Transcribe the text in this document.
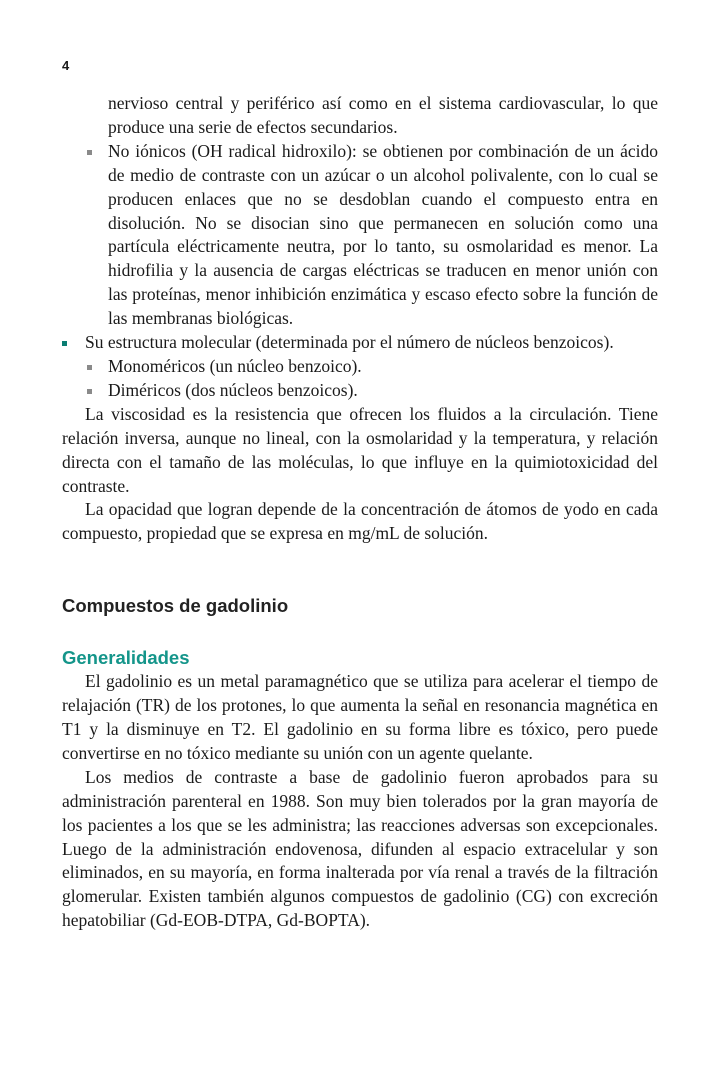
4

nervioso central y periférico así como en el sistema cardiovascular, lo que produce una serie de efectos secundarios.

No iónicos (OH radical hidroxilo): se obtienen por combinación de un ácido de medio de contraste con un azúcar o un alcohol polivalente, con lo cual se producen enlaces que no se desdoblan cuando el compuesto entra en disolución. No se disocian sino que permanecen en solución como una partícula eléctricamente neutra, por lo tanto, su osmolaridad es menor. La hidrofilia y la ausencia de cargas eléctricas se traducen en menor unión con las proteínas, menor inhibición enzimática y escaso efecto sobre la función de las membranas biológicas.
Su estructura molecular (determinada por el número de núcleos benzoicos).
Monoméricos (un núcleo benzoico).
Diméricos (dos núcleos benzoicos).

La viscosidad es la resistencia que ofrecen los fluidos a la circulación. Tiene relación inversa, aunque no lineal, con la osmolaridad y la temperatura, y relación directa con el tamaño de las moléculas, lo que influye en la quimiotoxicidad del contraste.

La opacidad que logran depende de la concentración de átomos de yodo en cada compuesto, propiedad que se expresa en mg/mL de solución.

Compuestos de gadolinio
Generalidades

El gadolinio es un metal paramagnético que se utiliza para acelerar el tiempo de relajación (TR) de los protones, lo que aumenta la señal en resonancia magnética en T1 y la disminuye en T2. El gadolinio en su forma libre es tóxico, pero puede convertirse en no tóxico mediante su unión con un agente quelante.

Los medios de contraste a base de gadolinio fueron aprobados para su administración parenteral en 1988. Son muy bien tolerados por la gran mayoría de los pacientes a los que se les administra; las reacciones adversas son excepcionales. Luego de la administración endovenosa, difunden al espacio extracelular y son eliminados, en su mayoría, en forma inalterada por vía renal a través de la filtración glomerular. Existen también algunos compuestos de gadolinio (CG) con excreción hepatobiliar (Gd-EOB-DTPA, Gd-BOPTA).
